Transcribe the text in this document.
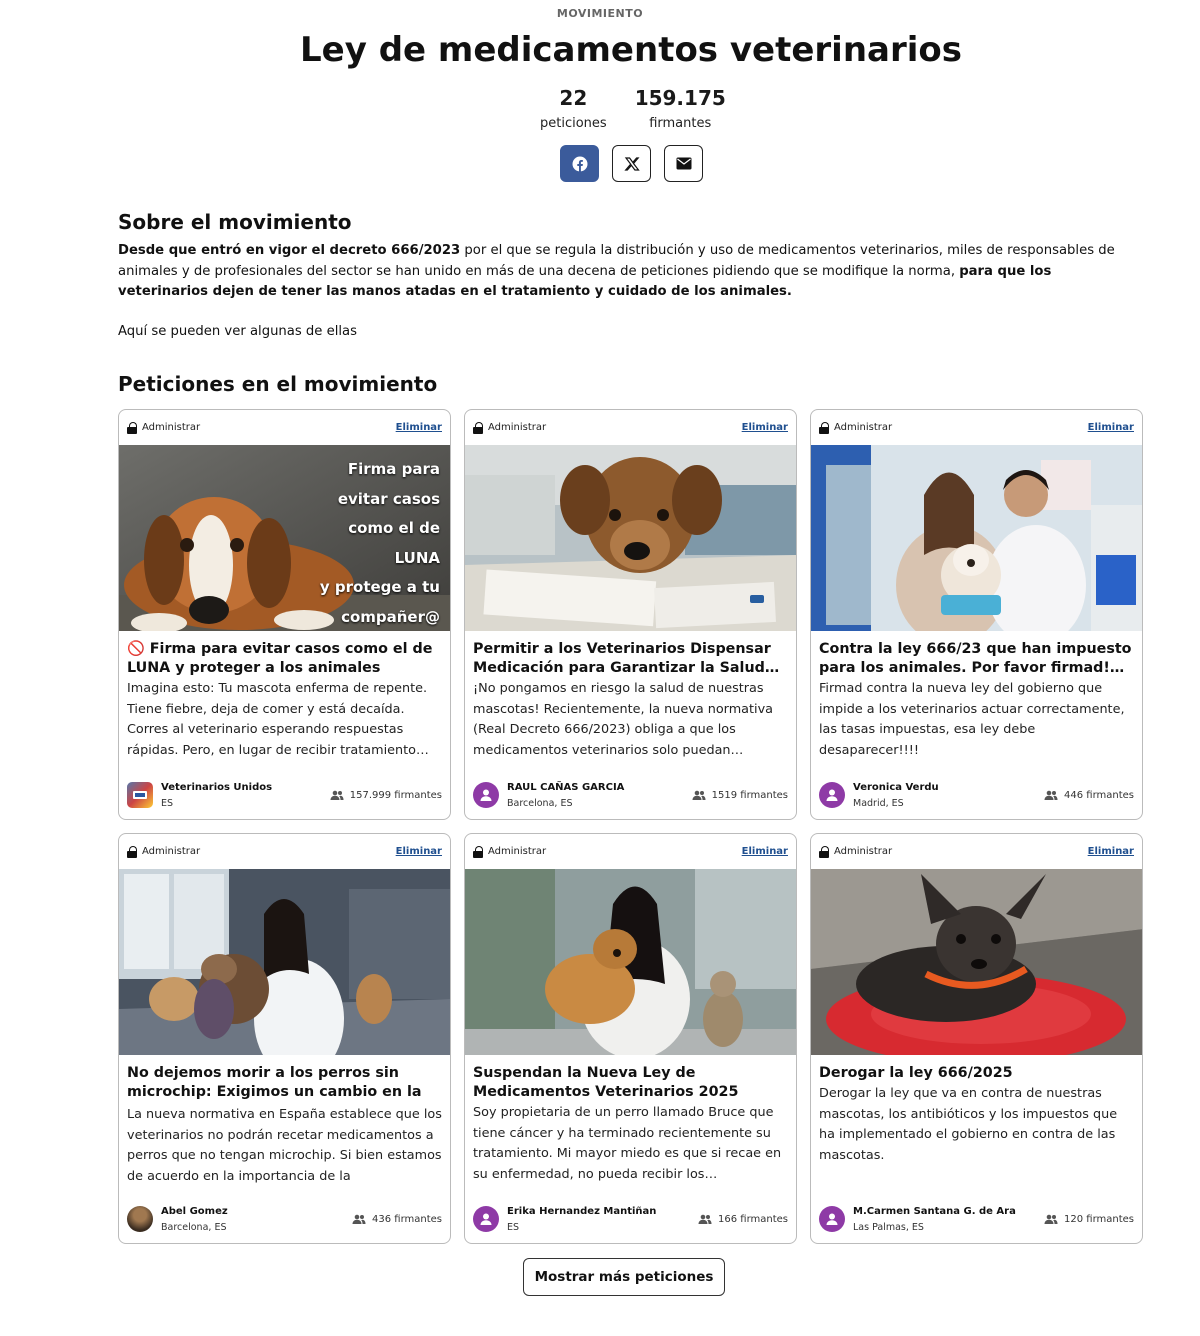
MOVIMIENTO
Ley de medicamentos veterinarios
22
peticiones
159.175
firmantes
Sobre el movimiento

Desde que entró en vigor el decreto 666/2023 por el que se regula la distribución y uso de medicamentos veterinarios, miles de responsables de animales y de profesionales del sector se han unido en más de una decena de peticiones pidiendo que se modifique la norma, para que los veterinarios dejen de tener las manos atadas en el tratamiento y cuidado de los animales.

Aquí se pueden ver algunas de ellas

Peticiones en el movimiento
Administrar	Eliminar
Firma para
evitar casos
como el de
LUNA
y protege a tu
compañer@
🚫 Firma para evitar casos como el de LUNA y proteger a los animales
Imagina esto: Tu mascota enferma de repente. Tiene fiebre, deja de comer y está decaída. Corres al veterinario esperando respuestas rápidas. Pero, en lugar de recibir tratamiento…
Veterinarios Unidos
ES
157.999 firmantes
Administrar	Eliminar
Permitir a los Veterinarios Dispensar Medicación para Garantizar la Salud…
¡No pongamos en riesgo la salud de nuestras mascotas! Recientemente, la nueva normativa (Real Decreto 666/2023) obliga a que los medicamentos veterinarios solo puedan…
RAUL CAÑAS GARCIA
Barcelona, ES
1519 firmantes
Administrar	Eliminar
Contra la ley 666/23 que han impuesto para los animales. Por favor firmad!…
Firmad contra la nueva ley del gobierno que impide a los veterinarios actuar correctamente, las tasas impuestas, esa ley debe desaparecer!!!!
Veronica Verdu
Madrid, ES
446 firmantes
Administrar	Eliminar
No dejemos morir a los perros sin microchip: Exigimos un cambio en la
La nueva normativa en España establece que los veterinarios no podrán recetar medicamentos a perros que no tengan microchip. Si bien estamos de acuerdo en la importancia de la
Abel Gomez
Barcelona, ES
436 firmantes
Administrar	Eliminar
Suspendan la Nueva Ley de Medicamentos Veterinarios 2025
Soy propietaria de un perro llamado Bruce que tiene cáncer y ha terminado recientemente su tratamiento. Mi mayor miedo es que si recae en su enfermedad, no pueda recibir los…
Erika Hernandez Mantiñan
ES
166 firmantes
Administrar	Eliminar
Derogar la ley 666/2025
Derogar la ley que va en contra de nuestras mascotas, los antibióticos y los impuestos que ha implementado el gobierno en contra de las mascotas.
M.Carmen Santana G. de Ara
Las Palmas, ES
120 firmantes
Mostrar más peticiones
